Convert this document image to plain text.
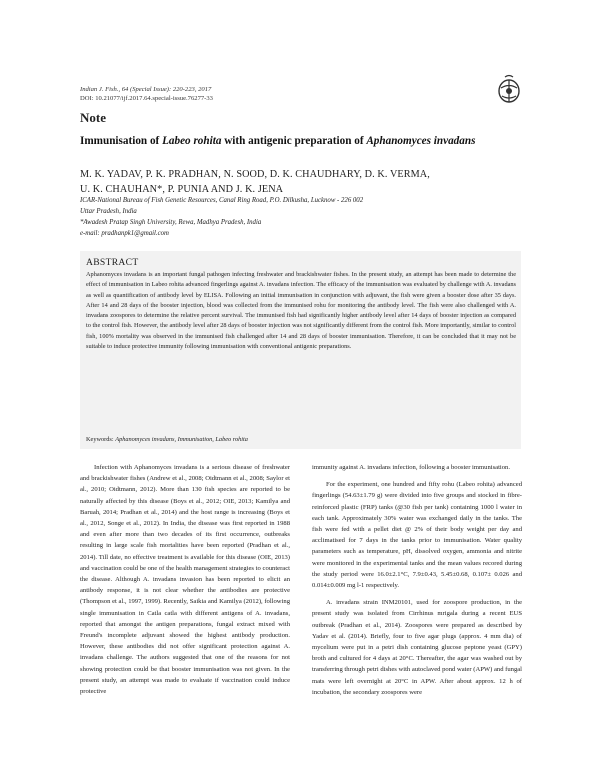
Indian J. Fish., 64 (Special Issue): 220-223, 2017
DOI: 10.21077/ijf.2017.64.special-issue.76277-33
Note
Immunisation of Labeo rohita with antigenic preparation of Aphanomyces invadans
M. K. YADAV, P. K. PRADHAN, N. SOOD, D. K. CHAUDHARY, D. K. VERMA,
U. K. CHAUHAN*, P. PUNIA AND J. K. JENA
ICAR-National Bureau of Fish Genetic Resources, Canal Ring Road, P.O. Dilkusha, Lucknow - 226 002
Uttar Pradesh, India
*Awadesh Pratap Singh University, Rewa, Madhya Pradesh, India
e-mail: pradhanpk1@gmail.com
ABSTRACT
Aphanomyces invadans is an important fungal pathogen infecting freshwater and brackishwater fishes. In the present study, an attempt has been made to determine the effect of immunisation in Labeo rohita advanced fingerlings against A. invadans infection. The efficacy of the immunisation was evaluated by challenge with A. invadans as well as quantification of antibody level by ELISA. Following an initial immunisation in conjunction with adjuvant, the fish were given a booster dose after 35 days. After 14 and 28 days of the booster injection, blood was collected from the immunised rohu for monitoring the antibody level. The fish were also challenged with A. invadans zoospores to determine the relative percent survival. The immunised fish had significantly higher antibody level after 14 days of booster injection as compared to the control fish. However, the antibody level after 28 days of booster injection was not significantly different from the control fish. More importantly, similar to control fish, 100% mortality was observed in the immunised fish challenged after 14 and 28 days of booster immunisation. Therefore, it can be concluded that it may not be suitable to induce protective immunity following immunisation with conventional antigenic preparations.
Keywords: Aphanomyces invadans, Immunisation, Labeo rohita

Infection with Aphanomyces invadans is a serious disease of freshwater and brackishwater fishes (Andrew et al., 2008; Oidtmann et al., 2008; Saylor et al., 2010; Oidtmann, 2012). More than 130 fish species are reported to be naturally affected by this disease (Boys et al., 2012; OIE, 2013; Kamilya and Baruah, 2014; Pradhan et al., 2014) and the host range is increasing (Boys et al., 2012, Songe et al., 2012). In India, the disease was first reported in 1988 and even after more than two decades of its first occurrence, outbreaks resulting in large scale fish mortalities have been reported (Pradhan et al., 2014). Till date, no effective treatment is available for this disease (OIE, 2013) and vaccination could be one of the health management strategies to counteract the disease. Although A. invadans invasion has been reported to elicit an antibody response, it is not clear whether the antibodies are protective (Thompson et al., 1997, 1999). Recently, Saikia and Kamilya (2012), following single immunisation in Catla catla with different antigens of A. invadans, reported that amongst the antigen preparations, fungal extract mixed with Freund's incomplete adjuvant showed the highest antibody production. However, these antibodies did not offer significant protection against A. invadans challenge. The authors suggested that one of the reasons for not showing protection could be that booster immunisation was not given. In the present study, an attempt was made to evaluate if vaccination could induce protective

immunity against A. invadans infection, following a booster immunisation.

For the experiment, one hundred and fifty rohu (Labeo rohita) advanced fingerlings (54.63±1.79 g) were divided into five groups and stocked in fibre-reinforced plastic (FRP) tanks (@30 fish per tank) containing 1000 l water in each tank. Approximately 30% water was exchanged daily in the tanks. The fish were fed with a pellet diet @ 2% of their body weight per day and acclimatised for 7 days in the tanks prior to immunisation. Water quality parameters such as temperature, pH, dissolved oxygen, ammonia and nitrite were monitored in the experimental tanks and the mean values recored during the study period were 16.0±2.1°C, 7.9±0.43, 5.45±0.68, 0.107± 0.026 and 0.014±0.009 mg l-1 respectively.

A. invadans strain INM20101, used for zoospore production, in the present study was isolated from Cirrhinus mrigala during a recent EUS outbreak (Pradhan et al., 2014). Zoospores were prepared as described by Yadav et al. (2014). Briefly, four to five agar plugs (approx. 4 mm dia) of mycelium were put in a petri dish containing glucose peptone yeast (GPY) broth and cultured for 4 days at 20°C. Thereafter, the agar was washed out by transferring through petri dishes with autoclaved pond water (APW) and fungal mats were left overnight at 20°C in APW. After about approx. 12 h of incubation, the secondary zoospores were
